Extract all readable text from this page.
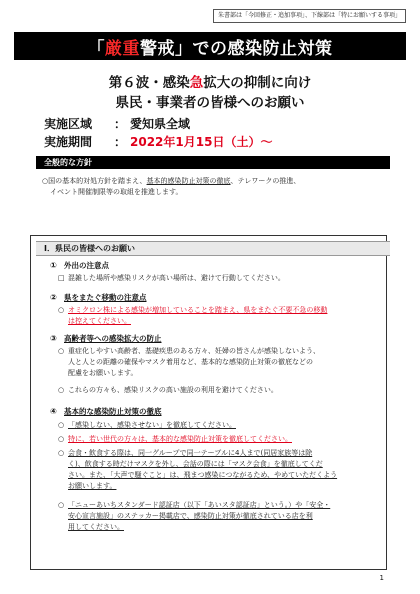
朱書部は「今回修正・追加事項」、下線部は「特にお願いする事項」
「 厳重 警戒」での感染防止対策
第６波・感染急拡大の抑制に向け
県民・事業者の皆様へのお願い
実施区域 ： 愛知県全域
実施期間 ： 2022年1月15日（土）～
全般的な方針
○国の基本的対処方針を踏まえ、基本的感染防止対策の徹底、テレワークの推進、
イベント開催制限等の取組を推進します。
Ⅰ．県民の皆様へのお願い
① 外出の注意点
□ 混雑した場所や感染リスクが高い場所は、避けて行動してください。
② 県をまたぐ移動の注意点
○ オミクロン株による感染が増加していることを踏まえ、県をまたぐ不要不急の移動
は控えてください。
③ 高齢者等への感染拡大の防止
○ 重症化しやすい高齢者、基礎疾患のある方々、妊婦の皆さんが感染しないよう、
人と人との距離の確保やマスク着用など、基本的な感染防止対策の徹底などの
配慮をお願いします。
○ これらの方々も、感染リスクの高い施設の利用を避けてください。
④ 基本的な感染防止対策の徹底
○ 「感染しない、感染させない」を徹底してください。
○ 特に、若い世代の方々は、基本的な感染防止対策を徹底してください。
○ 会食・飲食する際は、同一グループで同一テーブルに4人まで(同居家族等は除
く)、飲食する時だけマスクを外し、会話の際には「マスク会食」を徹底してくだ
さい。また、「大声で騒ぐこと」は、飛まつ感染につながるため、やめていただくよう
お願いします。
○ 「ニューあいちスタンダード認証店（以下「あいスタ認証店」という。）や「安全・
安心宣言施設」のステッカー掲載店で、感染防止対策が徹底されている店を利
用してください。
1
